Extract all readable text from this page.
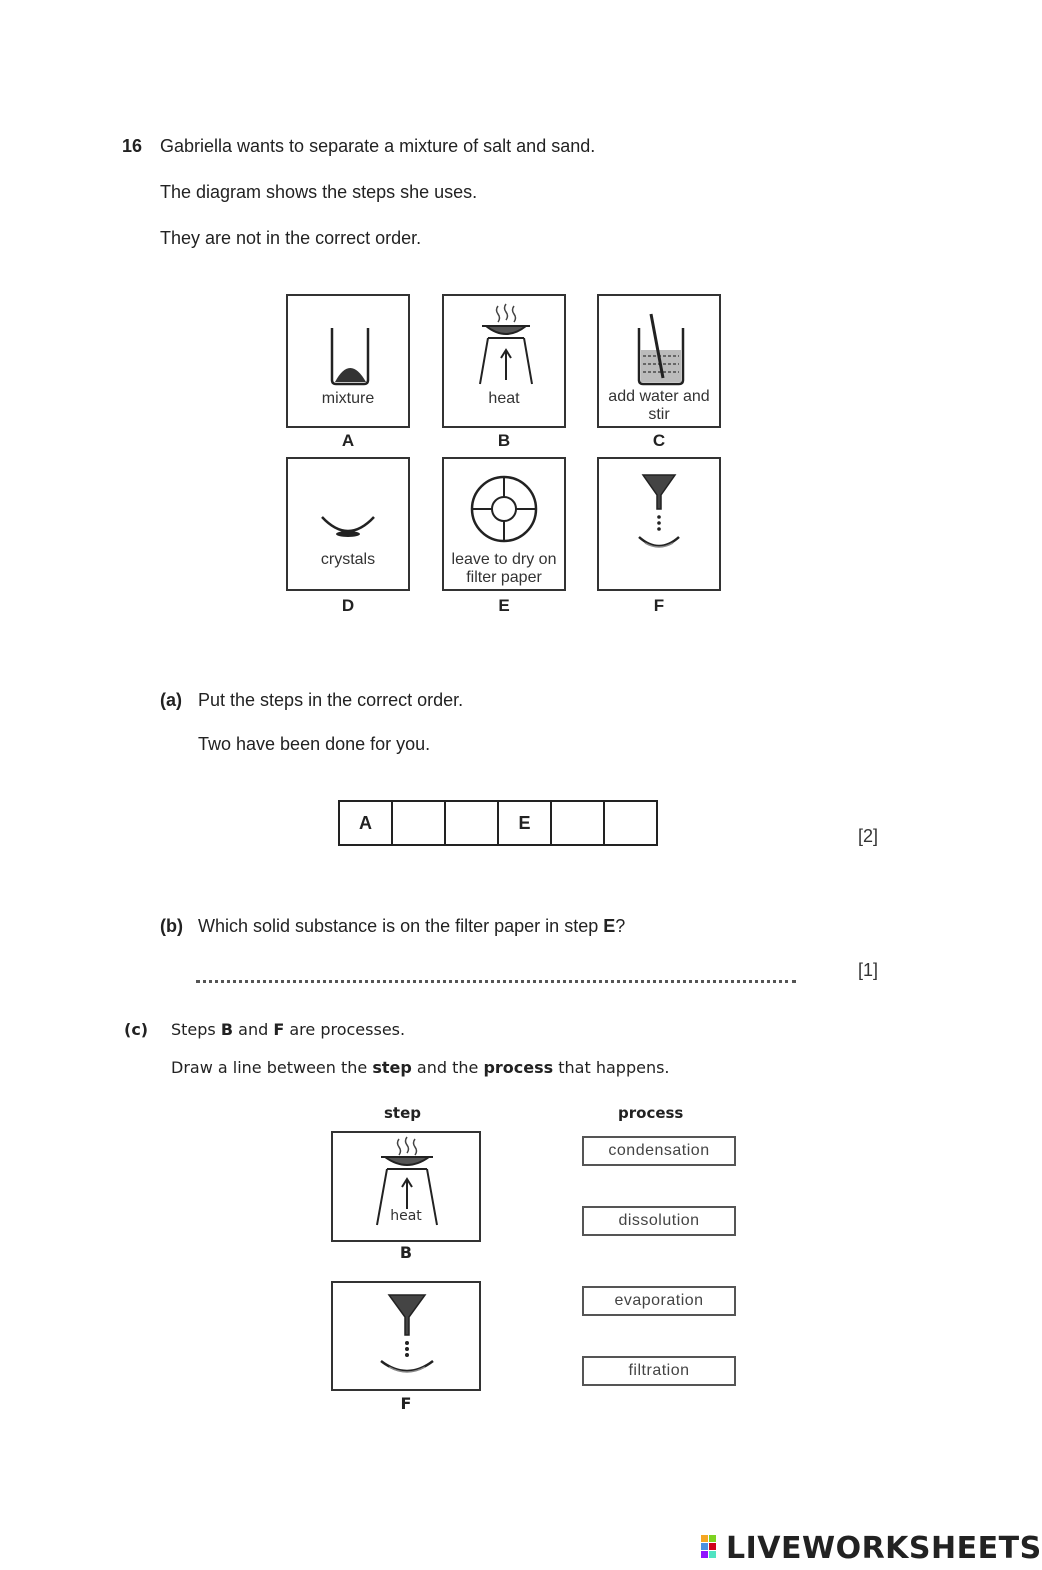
16 Gabriella wants to separate a mixture of salt and sand.
The diagram shows the steps she uses.
They are not in the correct order.
mixture
A
heat
B
add water and stir
C
crystals
D
leave to dry on filter paper
E	F
(a) Put the steps in the correct order.
Two have been done for you.
A			E		
[2]
(b) Which solid substance is on the filter paper in step E?
[1]
(c) Steps B and F are processes.
Draw a line between the step and the process that happens.
step	process
heat
B
F
condensation
dissolution
evaporation
filtration
LIVEWORKSHEETS
